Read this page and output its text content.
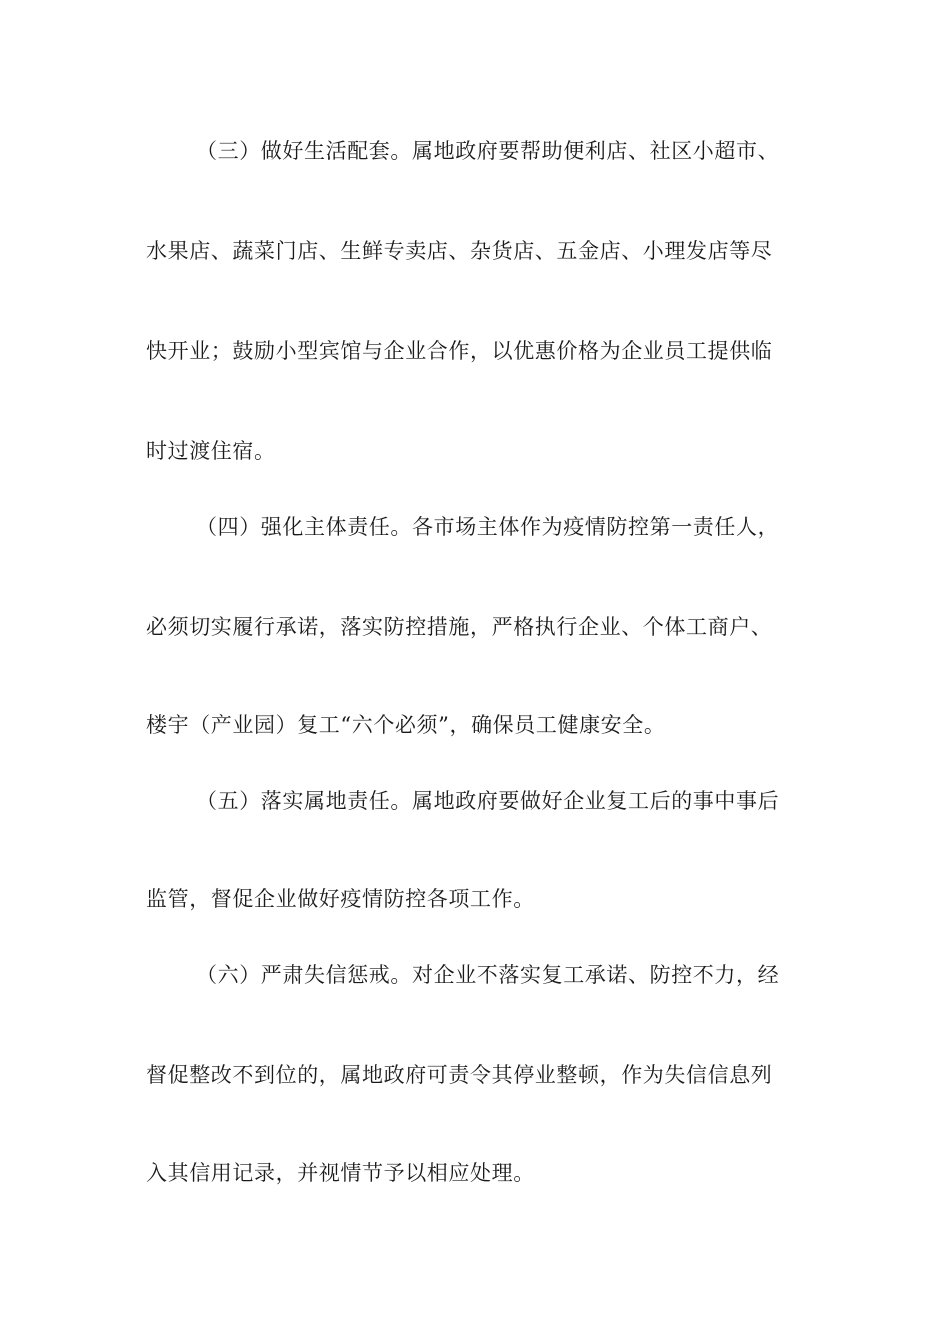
（三）做好生活配套。属地政府要帮助便利店、社区小超市、

水果店、蔬菜门店、生鲜专卖店、杂货店、五金店、小理发店等尽

快开业；鼓励小型宾馆与企业合作，以优惠价格为企业员工提供临

时过渡住宿。

（四）强化主体责任。各市场主体作为疫情防控第一责任人，

必须切实履行承诺，落实防控措施，严格执行企业、个体工商户、

楼宇（产业园）复工“六个必须”，确保员工健康安全。

（五）落实属地责任。属地政府要做好企业复工后的事中事后

监管，督促企业做好疫情防控各项工作。

（六）严肃失信惩戒。对企业不落实复工承诺、防控不力，经

督促整改不到位的，属地政府可责令其停业整顿，作为失信信息列

入其信用记录，并视情节予以相应处理。
